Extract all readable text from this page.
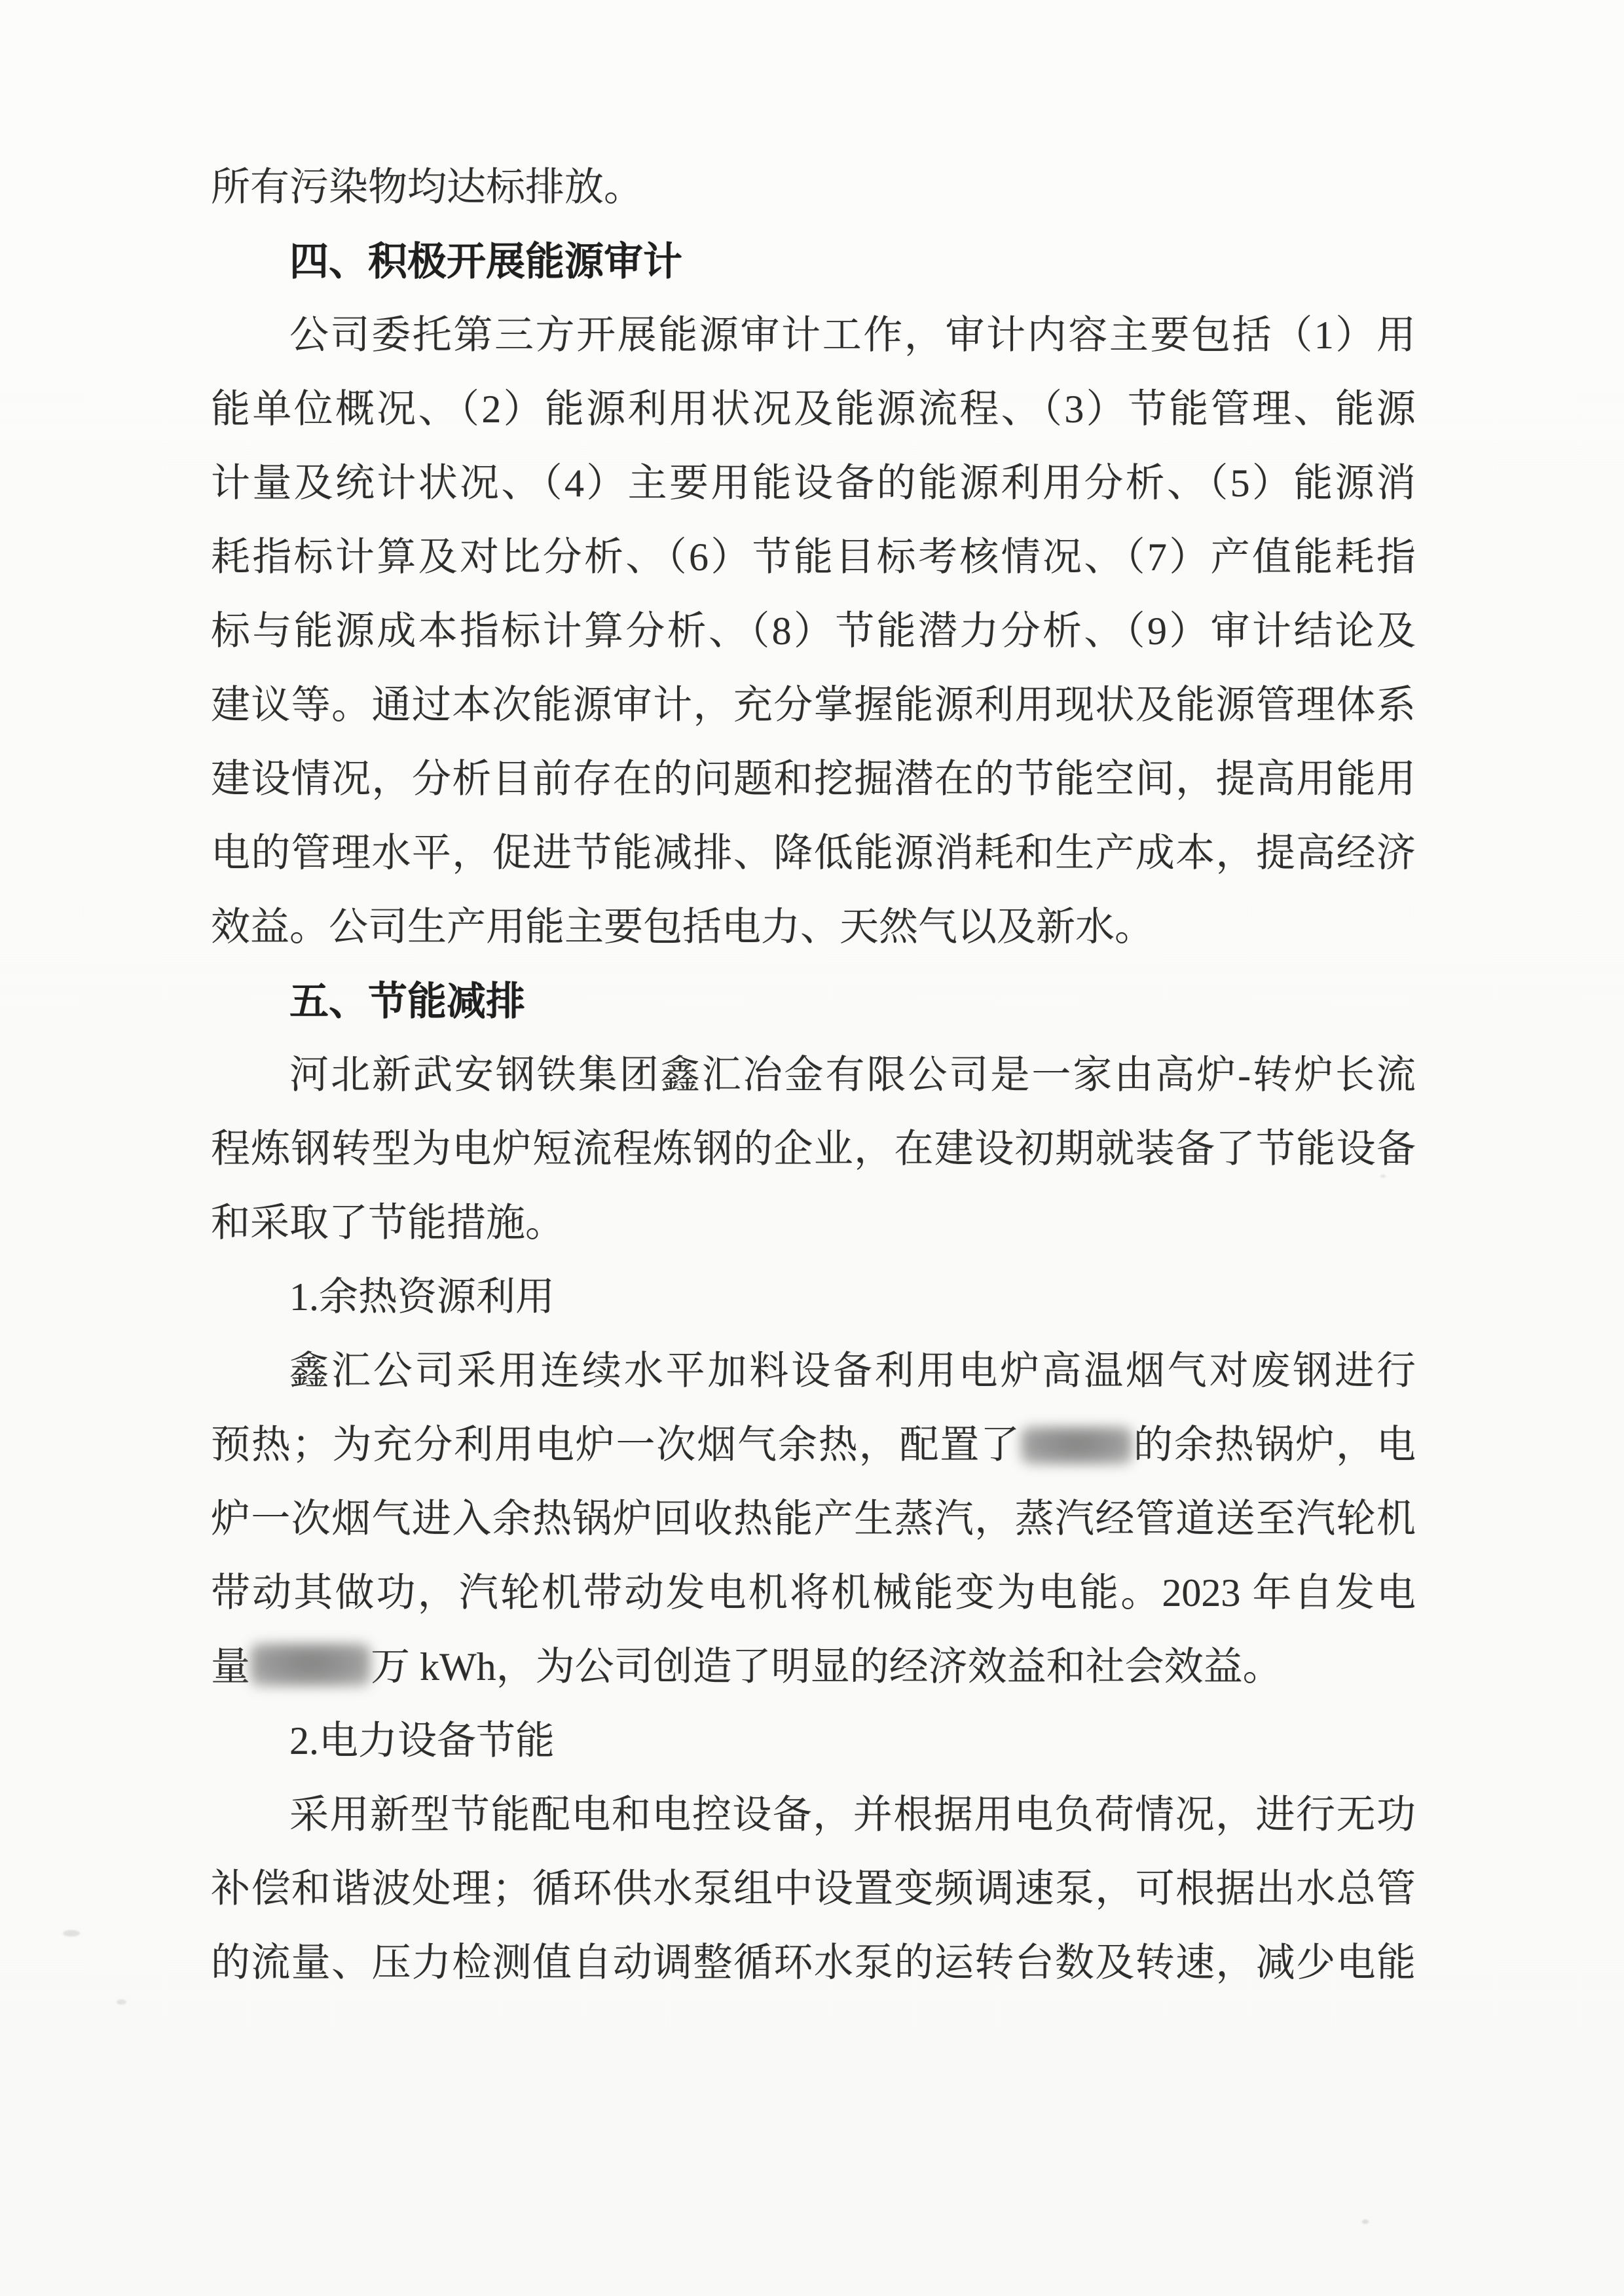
所有污染物均达标排放。
四、积极开展能源审计
公司委托第三方开展能源审计工作，审计内容主要包括（1）用
能单位概况、（2）能源利用状况及能源流程、（3）节能管理、能源
计量及统计状况、（4）主要用能设备的能源利用分析、（5）能源消
耗指标计算及对比分析、（6）节能目标考核情况、（7）产值能耗指
标与能源成本指标计算分析、（8）节能潜力分析、（9）审计结论及
建议等。通过本次能源审计，充分掌握能源利用现状及能源管理体系
建设情况，分析目前存在的问题和挖掘潜在的节能空间，提高用能用
电的管理水平，促进节能减排、降低能源消耗和生产成本，提高经济
效益。公司生产用能主要包括电力、天然气以及新水。
五、节能减排
河北新武安钢铁集团鑫汇冶金有限公司是一家由高炉-转炉长流
程炼钢转型为电炉短流程炼钢的企业，在建设初期就装备了节能设备
和采取了节能措施。
1.余热资源利用
鑫汇公司采用连续水平加料设备利用电炉高温烟气对废钢进行
预热；为充分利用电炉一次烟气余热，配置了	的余热锅炉，电
炉一次烟气进入余热锅炉回收热能产生蒸汽，蒸汽经管道送至汽轮机
带动其做功，汽轮机带动发电机将机械能变为电能。2023 年自发电
量	万 kWh，为公司创造了明显的经济效益和社会效益。
2.电力设备节能
采用新型节能配电和电控设备，并根据用电负荷情况，进行无功
补偿和谐波处理；循环供水泵组中设置变频调速泵，可根据出水总管
的流量、压力检测值自动调整循环水泵的运转台数及转速，减少电能
